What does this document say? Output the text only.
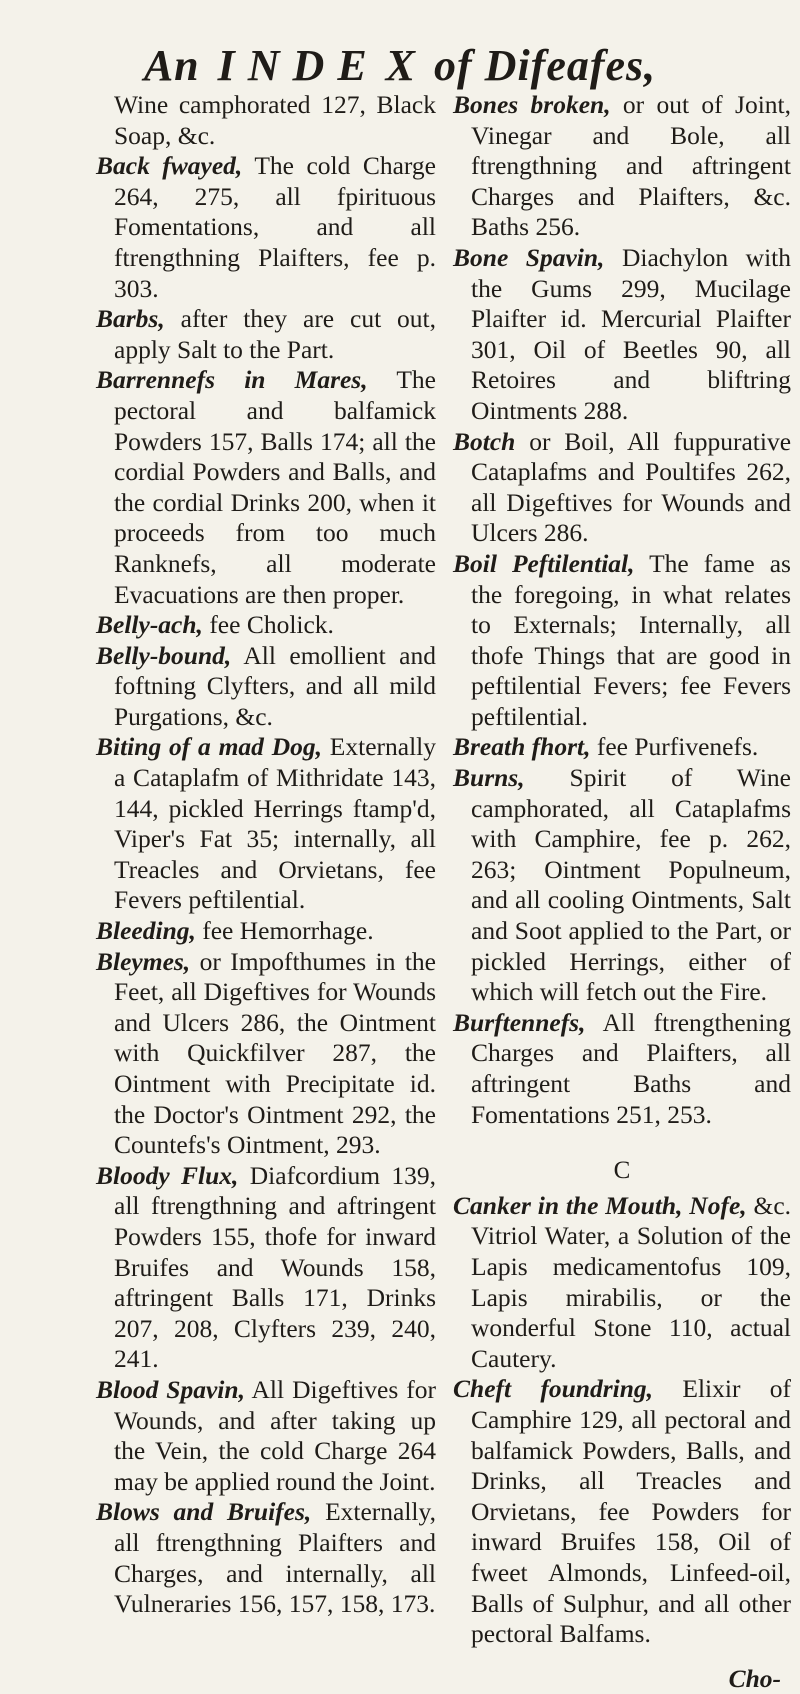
An I N D E X of Difeafes,

Wine camphorated 127, Black Soap, &c.

Back fwayed, The cold Charge 264, 275, all fpirituous Fomentations, and all ftrengthning Plaifters, fee p. 303.

Barbs, after they are cut out, apply Salt to the Part.

Barrennefs in Mares, The pectoral and balfamick Powders 157, Balls 174; all the cordial Powders and Balls, and the cordial Drinks 200, when it proceeds from too much Ranknefs, all moderate Evacuations are then proper.

Belly-ach, fee Cholick.

Belly-bound, All emollient and foftning Clyfters, and all mild Purgations, &c.

Biting of a mad Dog, Externally a Cataplafm of Mithridate 143, 144, pickled Herrings ftamp'd, Viper's Fat 35; internally, all Treacles and Orvietans, fee Fevers peftilential.

Bleeding, fee Hemorrhage.

Bleymes, or Impofthumes in the Feet, all Digeftives for Wounds and Ulcers 286, the Ointment with Quickfilver 287, the Ointment with Precipitate id. the Doctor's Ointment 292, the Countefs's Ointment, 293.

Bloody Flux, Diafcordium 139, all ftrengthning and aftringent Powders 155, thofe for inward Bruifes and Wounds 158, aftringent Balls 171, Drinks 207, 208, Clyfters 239, 240, 241.

Blood Spavin, All Digeftives for Wounds, and after taking up the Vein, the cold Charge 264 may be applied round the Joint.

Blows and Bruifes, Externally, all ftrengthning Plaifters and Charges, and internally, all Vulneraries 156, 157, 158, 173.

Bones broken, or out of Joint, Vinegar and Bole, all ftrengthning and aftringent Charges and Plaifters, &c. Baths 256.

Bone Spavin, Diachylon with the Gums 299, Mucilage Plaifter id. Mercurial Plaifter 301, Oil of Beetles 90, all Retoires and bliftring Ointments 288.

Botch or Boil, All fuppurative Cataplafms and Poultifes 262, all Digeftives for Wounds and Ulcers 286.

Boil Peftilential, The fame as the foregoing, in what relates to Externals; Internally, all thofe Things that are good in peftilential Fevers; fee Fevers peftilential.

Breath fhort, fee Purfivenefs.

Burns, Spirit of Wine camphorated, all Cataplafms with Camphire, fee p. 262, 263; Ointment Populneum, and all cooling Ointments, Salt and Soot applied to the Part, or pickled Herrings, either of which will fetch out the Fire.

Burftennefs, All ftrengthening Charges and Plaifters, all aftringent Baths and Fomentations 251, 253.

C

Canker in the Mouth, Nofe, &c. Vitriol Water, a Solution of the Lapis medicamentofus 109, Lapis mirabilis, or the wonderful Stone 110, actual Cautery.

Cheft foundring, Elixir of Camphire 129, all pectoral and balfamick Powders, Balls, and Drinks, all Treacles and Orvietans, fee Powders for inward Bruifes 158, Oil of fweet Almonds, Linfeed-oil, Balls of Sulphur, and all other pectoral Balfams.

Cho-
